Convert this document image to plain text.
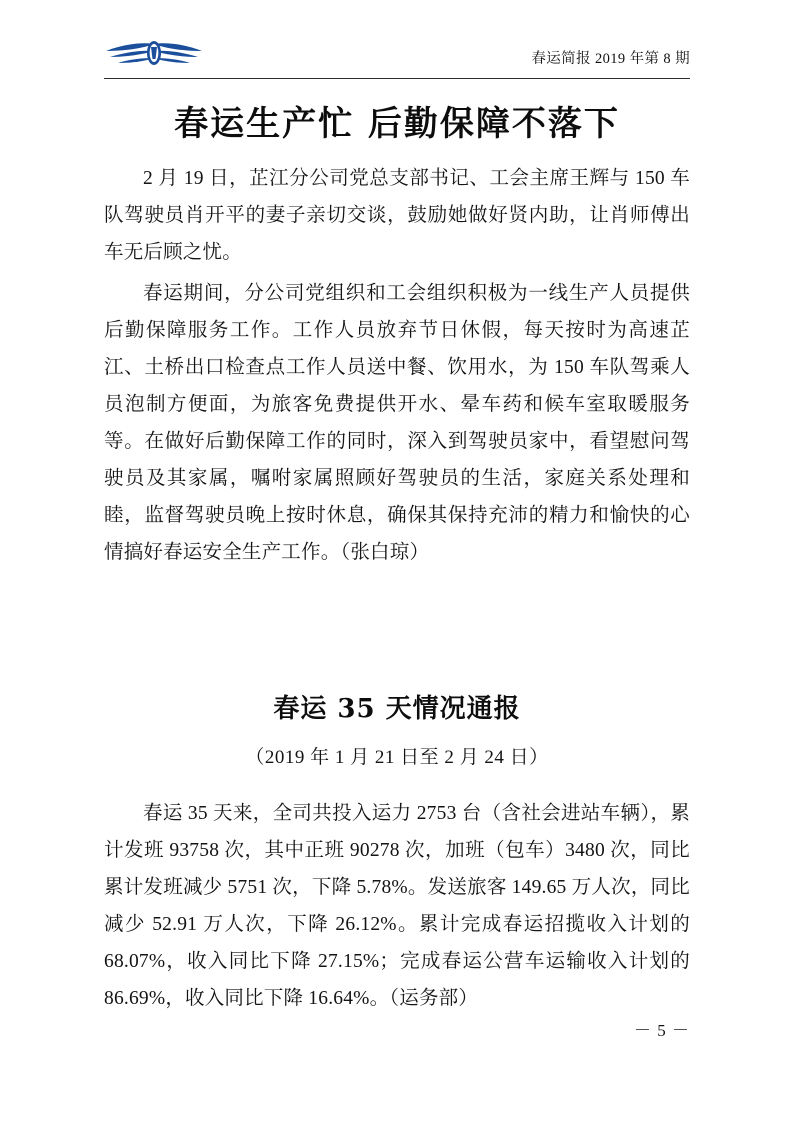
春运简报 2019 年第 8 期
春运生产忙 后勤保障不落下

2 月 19 日，芷江分公司党总支部书记、工会主席王辉与 150 车队驾驶员肖开平的妻子亲切交谈，鼓励她做好贤内助，让肖师傅出车无后顾之忧。

春运期间，分公司党组织和工会组织积极为一线生产人员提供后勤保障服务工作。工作人员放弃节日休假，每天按时为高速芷江、土桥出口检查点工作人员送中餐、饮用水，为 150 车队驾乘人员泡制方便面，为旅客免费提供开水、晕车药和候车室取暖服务等。在做好后勤保障工作的同时，深入到驾驶员家中，看望慰问驾驶员及其家属，嘱咐家属照顾好驾驶员的生活，家庭关系处理和睦，监督驾驶员晚上按时休息，确保其保持充沛的精力和愉快的心情搞好春运安全生产工作。（张白琼）

春运 35 天情况通报
（2019 年 1 月 21 日至 2 月 24 日）

春运 35 天来，全司共投入运力 2753 台（含社会进站车辆），累计发班 93758 次，其中正班 90278 次，加班（包车）3480 次，同比累计发班减少 5751 次，下降 5.78%。发送旅客 149.65 万人次，同比减少 52.91 万人次，下降 26.12%。累计完成春运招揽收入计划的 68.07%，收入同比下降 27.15%；完成春运公营车运输收入计划的 86.69%，收入同比下降 16.64%。（运务部）

－ 5 －
